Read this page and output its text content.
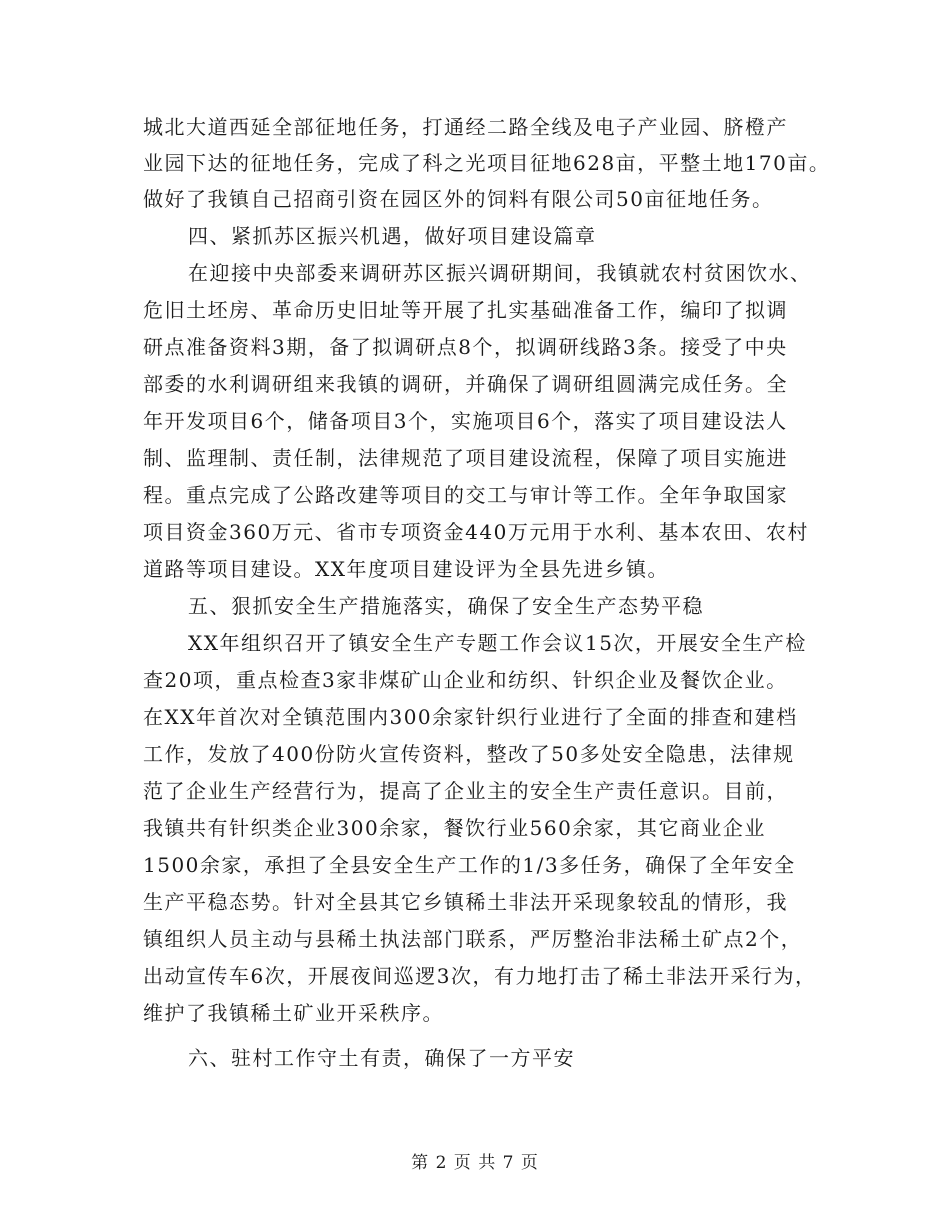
城北大道西延全部征地任务，打通经二路全线及电子产业园、脐橙产
业园下达的征地任务，完成了科之光项目征地628亩，平整土地170亩。
做好了我镇自己招商引资在园区外的饲料有限公司50亩征地任务。
四、紧抓苏区振兴机遇，做好项目建设篇章
在迎接中央部委来调研苏区振兴调研期间，我镇就农村贫困饮水、
危旧土坯房、革命历史旧址等开展了扎实基础准备工作，编印了拟调
研点准备资料3期，备了拟调研点8个，拟调研线路3条。接受了中央
部委的水利调研组来我镇的调研，并确保了调研组圆满完成任务。全
年开发项目6个，储备项目3个，实施项目6个，落实了项目建设法人
制、监理制、责任制，法律规范了项目建设流程，保障了项目实施进
程。重点完成了公路改建等项目的交工与审计等工作。全年争取国家
项目资金360万元、省市专项资金440万元用于水利、基本农田、农村
道路等项目建设。XX年度项目建设评为全县先进乡镇。
五、狠抓安全生产措施落实，确保了安全生产态势平稳
XX年组织召开了镇安全生产专题工作会议15次，开展安全生产检
查20项，重点检查3家非煤矿山企业和纺织、针织企业及餐饮企业。
在XX年首次对全镇范围内300余家针织行业进行了全面的排查和建档
工作，发放了400份防火宣传资料，整改了50多处安全隐患，法律规
范了企业生产经营行为，提高了企业主的安全生产责任意识。目前，
我镇共有针织类企业300余家，餐饮行业560余家，其它商业企业
1500余家，承担了全县安全生产工作的1/3多任务，确保了全年安全
生产平稳态势。针对全县其它乡镇稀土非法开采现象较乱的情形，我
镇组织人员主动与县稀土执法部门联系，严厉整治非法稀土矿点2个，
出动宣传车6次，开展夜间巡逻3次，有力地打击了稀土非法开采行为，
维护了我镇稀土矿业开采秩序。
六、驻村工作守土有责，确保了一方平安
第 2 页 共 7 页
